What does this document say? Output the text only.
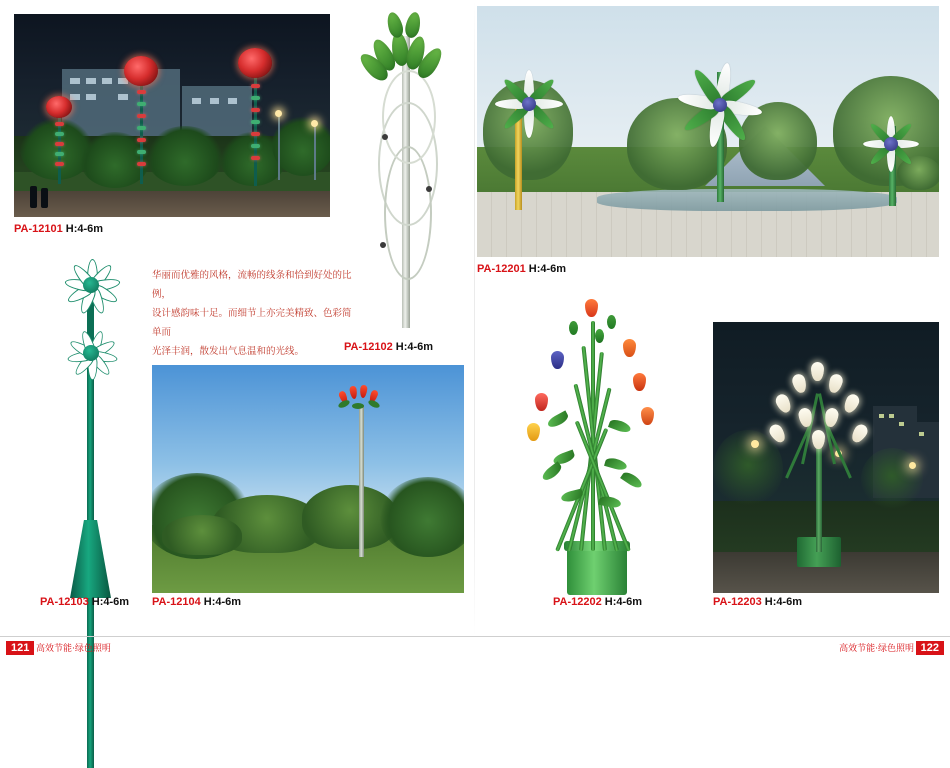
PA-12101 H:4-6m
PA-12102 H:4-6m
PA-12201 H:4-6m
PA-12103 H:4-6m
华丽而优雅的风格，流畅的线条和恰到好处的比例，
设计感韵味十足。而细节上亦完美精致、色彩简单而
光泽丰润，散发出气息温和的光线。
PA-12104 H:4-6m	PA-12202 H:4-6m	PA-12203 H:4-6m
121 高效节能·绿色照明	122
高效节能·绿色照明
